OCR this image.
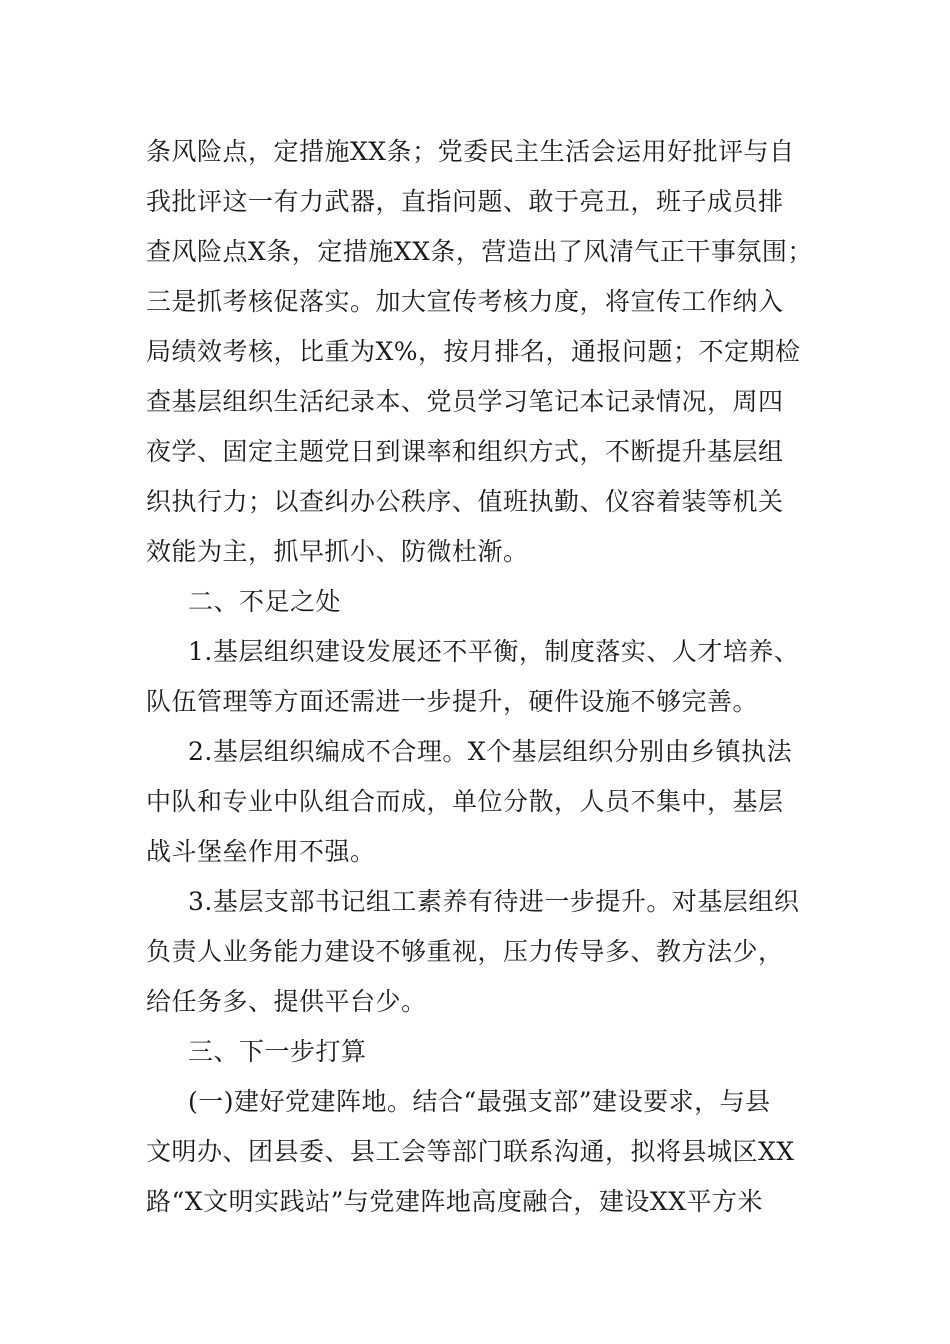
条风险点，定措施XX条；党委民主生活会运用好批评与自
我批评这一有力武器，直指问题、敢于亮丑，班子成员排
查风险点X条，定措施XX条，营造出了风清气正干事氛围；
三是抓考核促落实。加大宣传考核力度，将宣传工作纳入
局绩效考核，比重为X%，按月排名，通报问题；不定期检
查基层组织生活纪录本、党员学习笔记本记录情况，周四
夜学、固定主题党日到课率和组织方式，不断提升基层组
织执行力；以查纠办公秩序、值班执勤、仪容着装等机关
效能为主，抓早抓小、防微杜渐。
二、不足之处
1.基层组织建设发展还不平衡，制度落实、人才培养、
队伍管理等方面还需进一步提升，硬件设施不够完善。
2.基层组织编成不合理。X个基层组织分别由乡镇执法
中队和专业中队组合而成，单位分散，人员不集中，基层
战斗堡垒作用不强。
3.基层支部书记组工素养有待进一步提升。对基层组织
负责人业务能力建设不够重视，压力传导多、教方法少，
给任务多、提供平台少。
三、下一步打算
(一)建好党建阵地。结合“最强支部”建设要求，与县
文明办、团县委、县工会等部门联系沟通，拟将县城区XX
路“X文明实践站”与党建阵地高度融合，建设XX平方米
